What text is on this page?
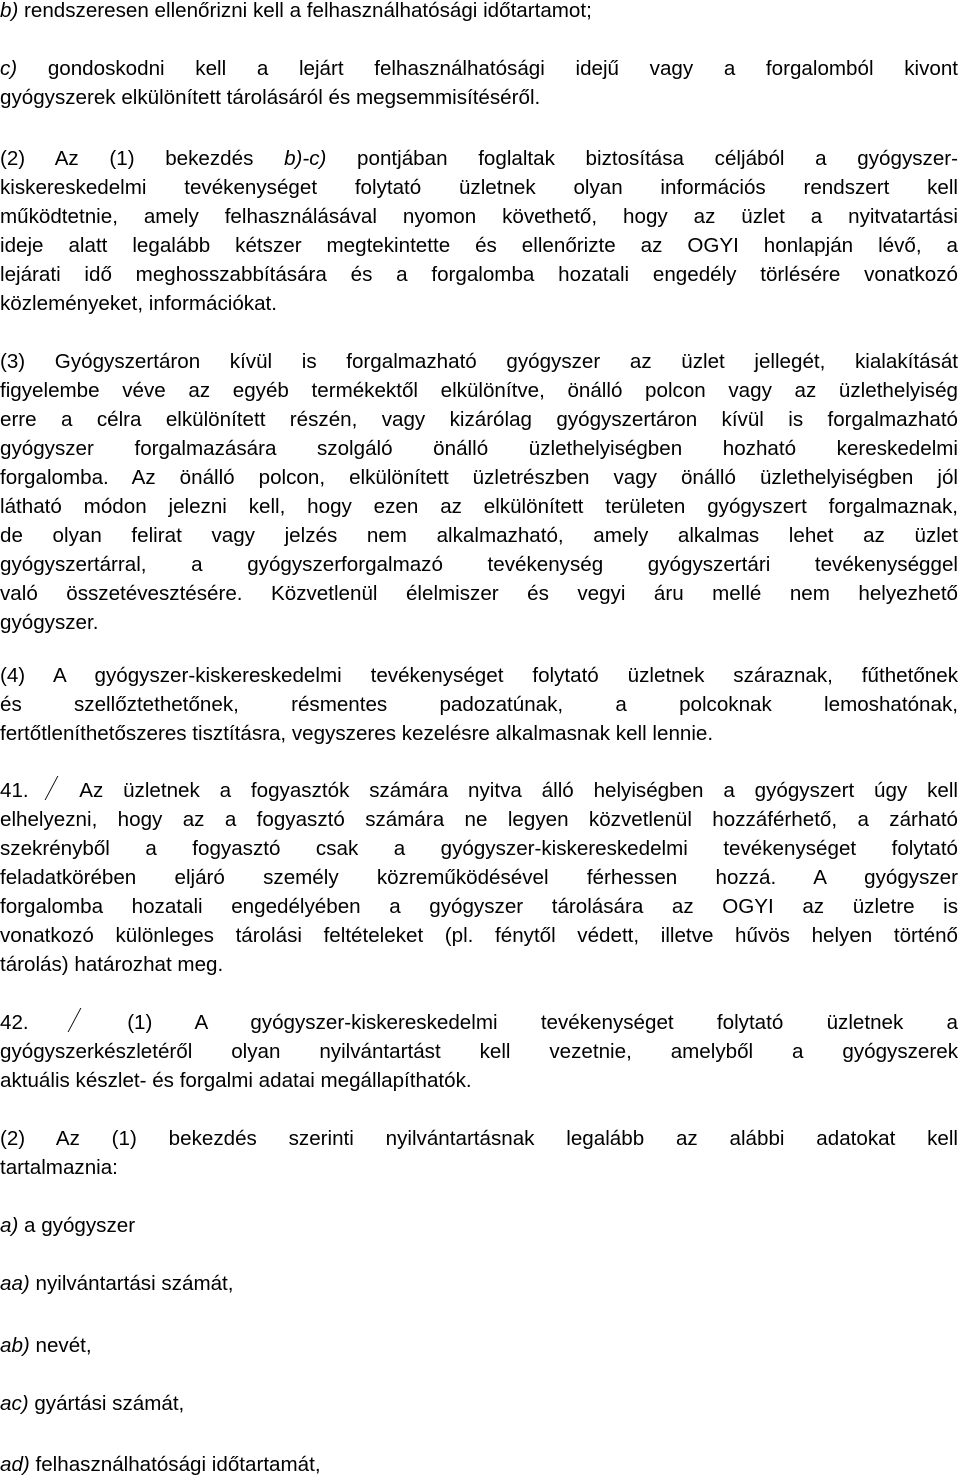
b) rendszeresen ellenőrizni kell a felhasználhatósági időtartamot;
c) gondoskodni kell a lejárt felhasználhatósági idejű vagy a forgalomból kivont
gyógyszerek elkülönített tárolásáról és megsemmisítéséről.
(2) Az (1) bekezdés b)-c) pontjában foglaltak biztosítása céljából a gyógyszer-
kiskereskedelmi tevékenységet folytató üzletnek olyan információs rendszert kell
működtetnie, amely felhasználásával nyomon követhető, hogy az üzlet a nyitvatartási
ideje alatt legalább kétszer megtekintette és ellenőrizte az OGYI honlapján lévő, a
lejárati idő meghosszabbítására és a forgalomba hozatali engedély törlésére vonatkozó
közleményeket, információkat.
(3) Gyógyszertáron kívül is forgalmazható gyógyszer az üzlet jellegét, kialakítását
figyelembe véve az egyéb termékektől elkülönítve, önálló polcon vagy az üzlethelyiség
erre a célra elkülönített részén, vagy kizárólag gyógyszertáron kívül is forgalmazható
gyógyszer forgalmazására szolgáló önálló üzlethelyiségben hozható kereskedelmi
forgalomba. Az önálló polcon, elkülönített üzletrészben vagy önálló üzlethelyiségben jól
látható módon jelezni kell, hogy ezen az elkülönített területen gyógyszert forgalmaznak,
de olyan felirat vagy jelzés nem alkalmazható, amely alkalmas lehet az üzlet
gyógyszertárral, a gyógyszerforgalmazó tevékenység gyógyszertári tevékenységgel
való összetévesztésére. Közvetlenül élelmiszer és vegyi áru mellé nem helyezhető
gyógyszer.
(4) A gyógyszer-kiskereskedelmi tevékenységet folytató üzletnek száraznak, fűthetőnek
és szellőztethetőnek, résmentes padozatúnak, a polcoknak lemoshatónak,
fertőtleníthetőszeres tisztításra, vegyszeres kezelésre alkalmasnak kell lennie.
41.  Az üzletnek a fogyasztók számára nyitva álló helyiségben a gyógyszert úgy kell
elhelyezni, hogy az a fogyasztó számára ne legyen közvetlenül hozzáférhető, a zárható
szekrényből a fogyasztó csak a gyógyszer-kiskereskedelmi tevékenységet folytató
feladatkörében eljáró személy közreműködésével férhessen hozzá. A gyógyszer
forgalomba hozatali engedélyében a gyógyszer tárolására az OGYI az üzletre is
vonatkozó különleges tárolási feltételeket (pl. fénytől védett, illetve hűvös helyen történő
tárolás) határozhat meg.
42.	(1) A gyógyszer-kiskereskedelmi tevékenységet folytató üzletnek a
gyógyszerkészletéről olyan nyilvántartást kell vezetnie, amelyből a gyógyszerek
aktuális készlet- és forgalmi adatai megállapíthatók.
(2) Az (1) bekezdés szerinti nyilvántartásnak legalább az alábbi adatokat kell
tartalmaznia:
a) a gyógyszer
aa) nyilvántartási számát,
ab) nevét,
ac) gyártási számát,
ad) felhasználhatósági időtartamát,
